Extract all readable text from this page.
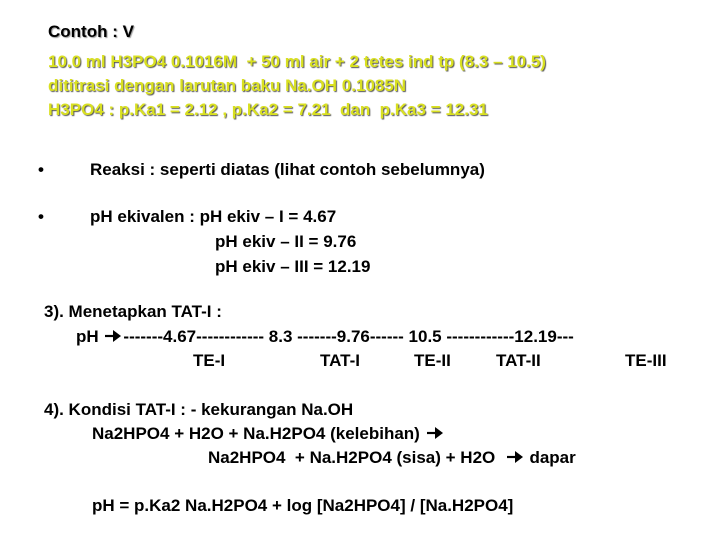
Contoh : V
10.0 ml H3PO4 0.1016M  + 50 ml air + 2 tetes ind tp (8.3 – 10.5)
dititrasi dengan larutan baku Na.OH 0.1085N
H3PO4 : p.Ka1 = 2.12 , p.Ka2 = 7.21  dan  p.Ka3 = 12.31
•	Reaksi : seperti diatas (lihat contoh sebelumnya)
•	pH ekivalen : pH ekiv – I = 4.67
pH ekiv – II = 9.76
pH ekiv – III = 12.19
3). Menetapkan TAT-I :
pH -------4.67------------ 8.3 -------9.76------ 10.5 ------------12.19---
TE-I	TAT-I	TE-II	TAT-II	TE-III
4). Kondisi TAT-I : - kekurangan Na.OH
Na2HPO4 + H2O + Na.H2PO4 (kelebihan)
Na2HPO4  + Na.H2PO4 (sisa) + H2O dapar
pH = p.Ka2 Na.H2PO4 + log [Na2HPO4] / [Na.H2PO4]
